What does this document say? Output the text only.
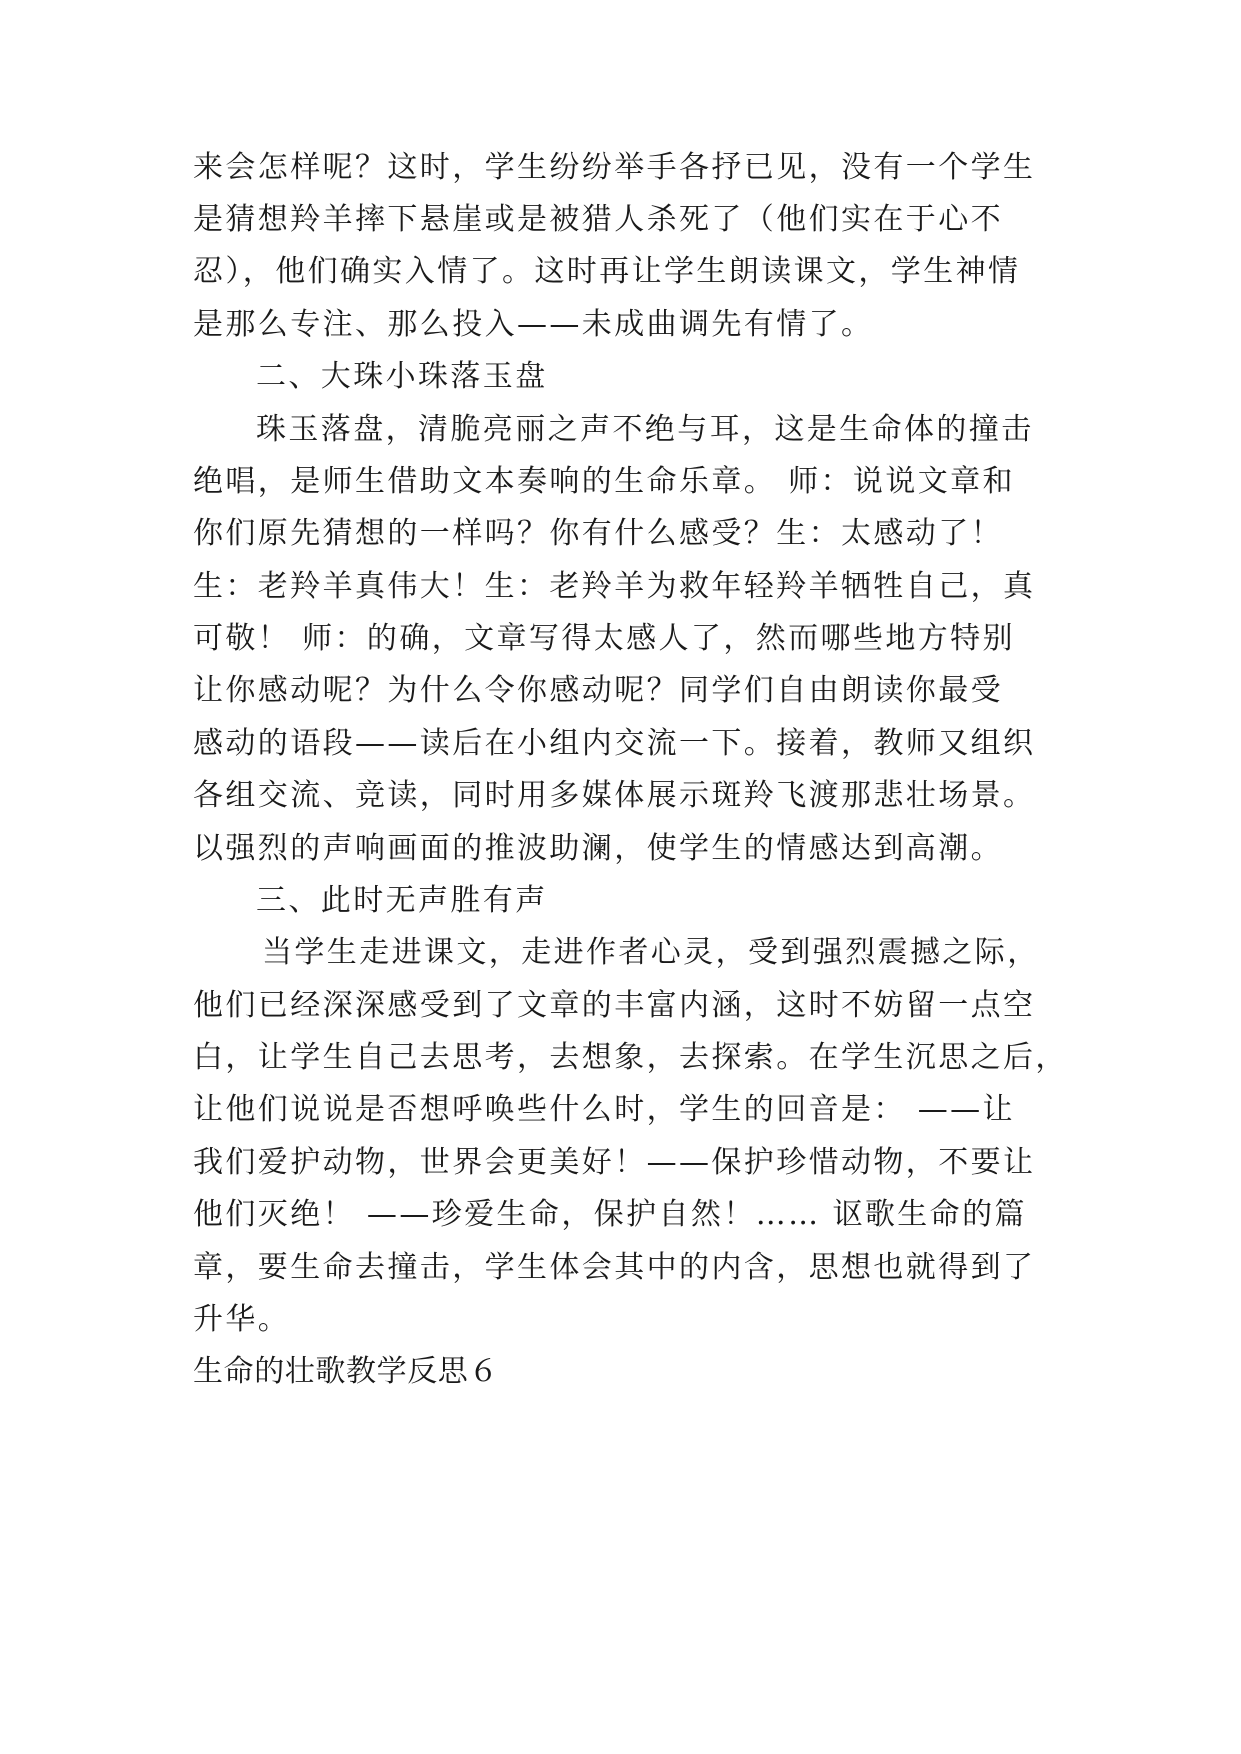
来会怎样呢？这时，学生纷纷举手各抒已见，没有一个学生
是猜想羚羊摔下悬崖或是被猎人杀死了（他们实在于心不
忍），他们确实入情了。这时再让学生朗读课文，学生神情
是那么专注、那么投入——未成曲调先有情了。
二、大珠小珠落玉盘
珠玉落盘，清脆亮丽之声不绝与耳，这是生命体的撞击
绝唱，是师生借助文本奏响的生命乐章。 师：说说文章和
你们原先猜想的一样吗？你有什么感受？生：太感动了！
生：老羚羊真伟大！生：老羚羊为救年轻羚羊牺牲自己，真
可敬！ 师：的确，文章写得太感人了，然而哪些地方特别
让你感动呢？为什么令你感动呢？同学们自由朗读你最受
感动的语段——读后在小组内交流一下。接着，教师又组织
各组交流、竞读，同时用多媒体展示斑羚飞渡那悲壮场景。
以强烈的声响画面的推波助澜，使学生的情感达到高潮。
三、此时无声胜有声
当学生走进课文，走进作者心灵，受到强烈震撼之际，
他们已经深深感受到了文章的丰富内涵，这时不妨留一点空
白，让学生自己去思考，去想象，去探索。在学生沉思之后，
让他们说说是否想呼唤些什么时，学生的回音是： ——让
我们爱护动物，世界会更美好！——保护珍惜动物，不要让
他们灭绝！ ——珍爱生命，保护自然！…… 讴歌生命的篇
章，要生命去撞击，学生体会其中的内含，思想也就得到了
升华。
生命的壮歌教学反思６
